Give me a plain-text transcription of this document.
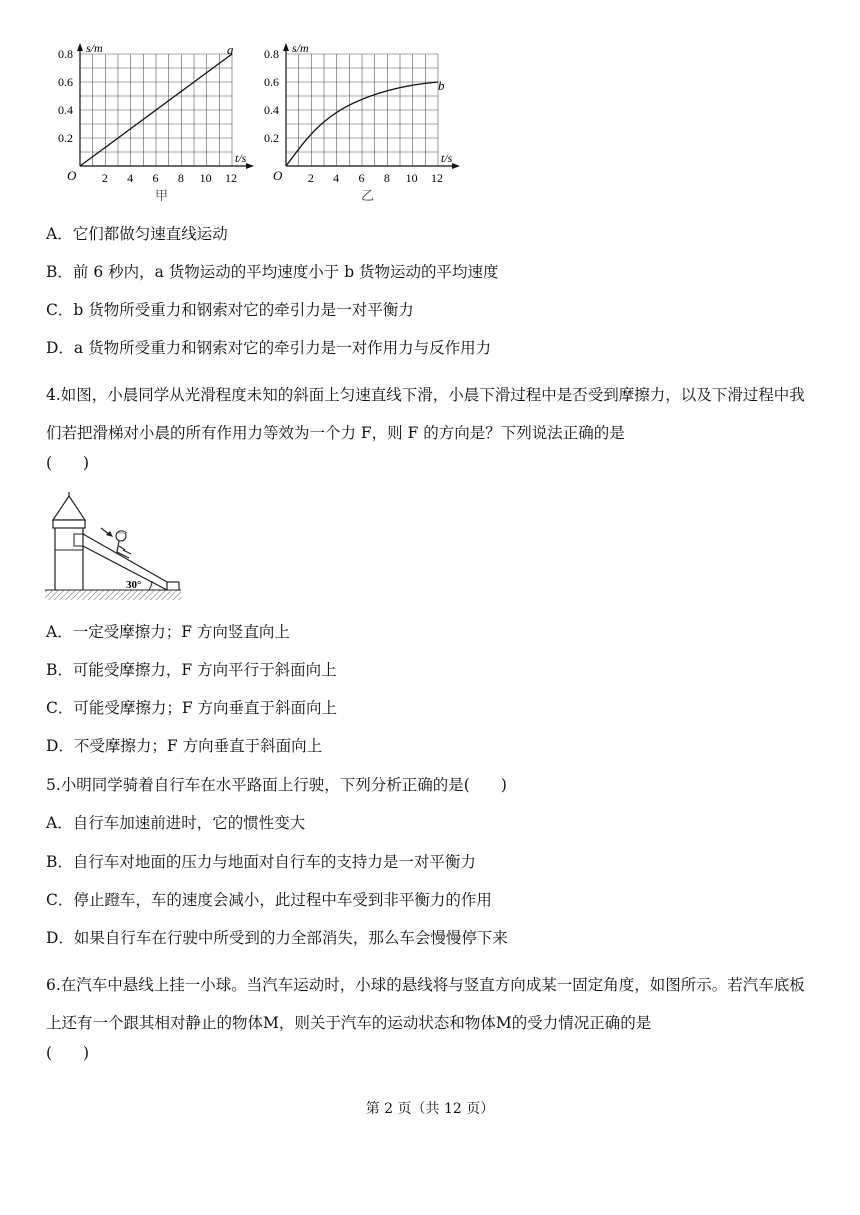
s/m
t/s
O
a
0.2
0.4
0.6
0.8
2 4 6 8 10 12
甲
s/m
t/s
O
b
0.2
0.4
0.6
0.8
2 4 6 8 10 12
乙
A．它们都做匀速直线运动
B．前 6 秒内，a 货物运动的平均速度小于 b 货物运动的平均速度
C．b 货物所受重力和钢索对它的牵引力是一对平衡力
D．a 货物所受重力和钢索对它的牵引力是一对作用力与反作用力
4.如图，小晨同学从光滑程度未知的斜面上匀速直线下滑，小晨下滑过程中是否受到摩擦力，以及下滑过程中我们若把滑梯对小晨的所有作用力等效为一个力 F，则 F 的方向是？下列说法正确的是
(　　)
30°
A．一定受摩擦力；F 方向竖直向上
B．可能受摩擦力，F 方向平行于斜面向上
C．可能受摩擦力；F 方向垂直于斜面向上
D．不受摩擦力；F 方向垂直于斜面向上
5.小明同学骑着自行车在水平路面上行驶，下列分析正确的是(　　)
A．自行车加速前进时，它的惯性变大
B．自行车对地面的压力与地面对自行车的支持力是一对平衡力
C．停止蹬车，车的速度会减小，此过程中车受到非平衡力的作用
D．如果自行车在行驶中所受到的力全部消失，那么车会慢慢停下来
6.在汽车中悬线上挂一小球。当汽车运动时，小球的悬线将与竖直方向成某一固定角度，如图所示。若汽车底板上还有一个跟其相对静止的物体M，则关于汽车的运动状态和物体M的受力情况正确的是
(　　)
第 2 页（共 12 页）
